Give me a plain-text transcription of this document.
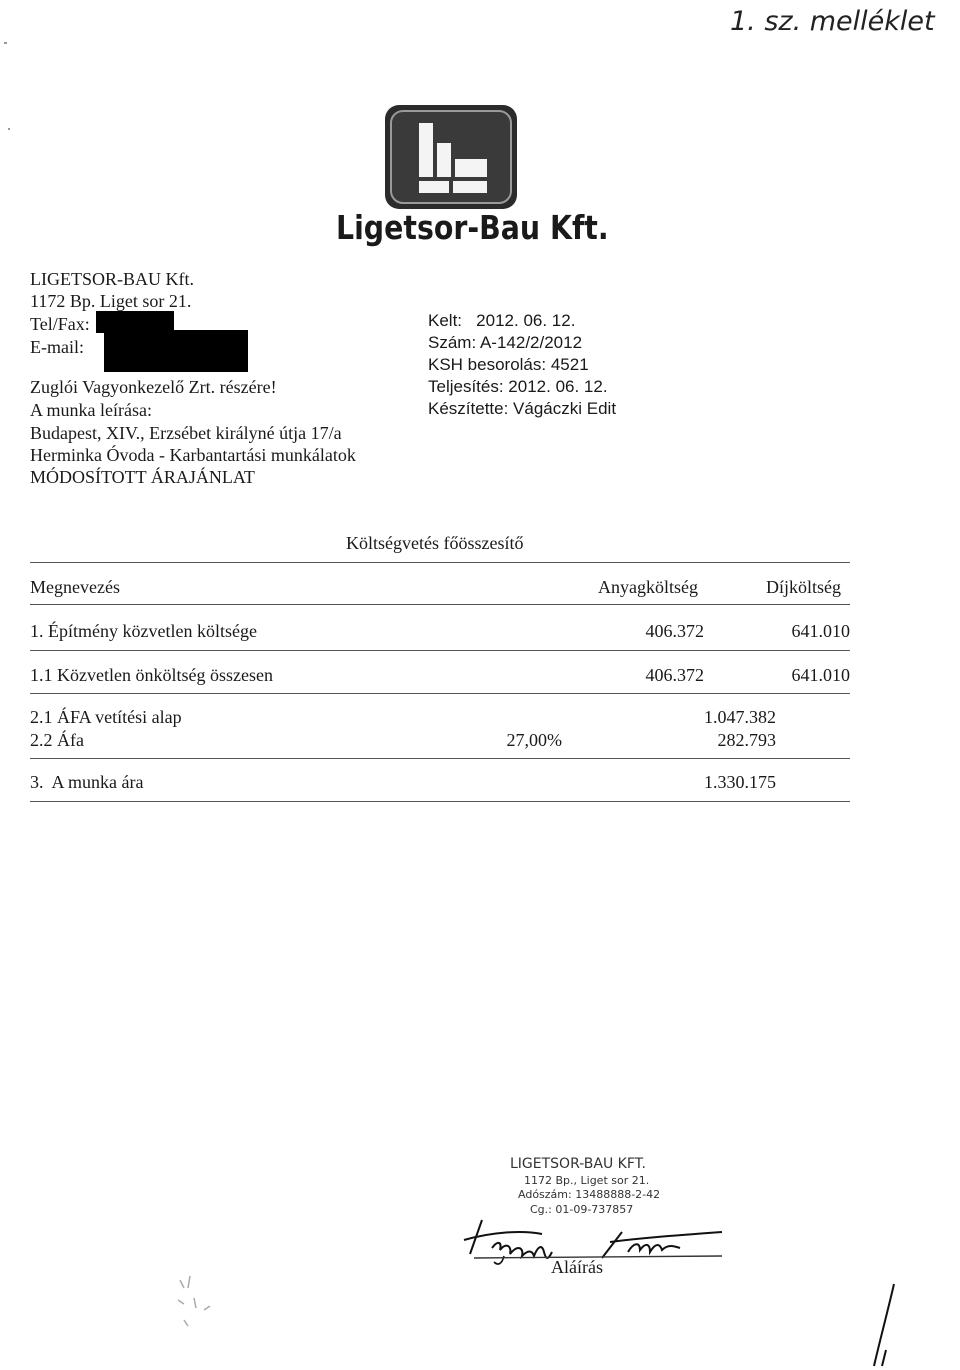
1. sz. melléklet
Ligetsor-Bau Kft.
LIGETSOR-BAU Kft.
1172 Bp. Liget sor 21.
Tel/Fax:
E-mail:
Zuglói Vagyonkezelő Zrt. részére!
A munka leírása:
Budapest, XIV., Erzsébet királyné útja 17/a
Herminka Óvoda - Karbantartási munkálatok
MÓDOSÍTOTT ÁRAJÁNLAT
Kelt:   2012. 06. 12.
Szám: A-142/2/2012
KSH besorolás: 4521
Teljesítés: 2012. 06. 12.
Készítette: Vágáczki Edit
Költségvetés főösszesítő
Megnevezés	Anyagköltség	Díjköltség
1. Építmény közvetlen költsége	406.372	641.010
1.1 Közvetlen önköltség összesen	406.372	641.010
2.1 ÁFA vetítési alap	1.047.382
2.2 Áfa	27,00%	282.793
3.  A munka ára	1.330.175
LIGETSOR-BAU KFT.
1172 Bp., Liget sor 21.
Adószám: 13488888-2-42
Cg.: 01-09-737857
Aláírás
